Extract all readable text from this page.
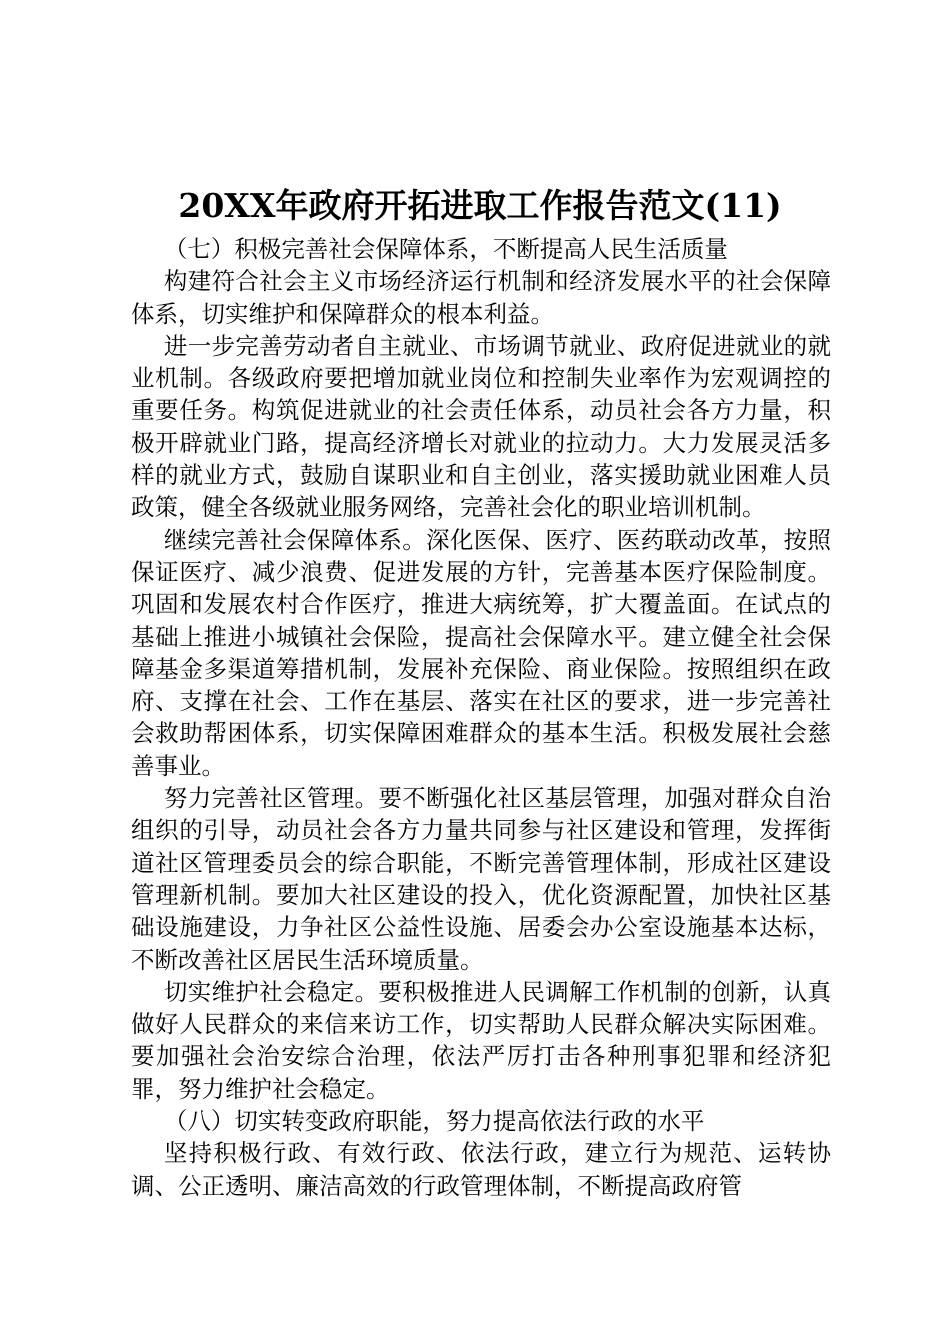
20XX年政府开拓进取工作报告范文(11)

（七）积极完善社会保障体系，不断提高人民生活质量

构建符合社会主义市场经济运行机制和经济发展水平的社会保障体系，切实维护和保障群众的根本利益。

进一步完善劳动者自主就业、市场调节就业、政府促进就业的就业机制。各级政府要把增加就业岗位和控制失业率作为宏观调控的重要任务。构筑促进就业的社会责任体系，动员社会各方力量，积极开辟就业门路，提高经济增长对就业的拉动力。大力发展灵活多样的就业方式，鼓励自谋职业和自主创业，落实援助就业困难人员政策，健全各级就业服务网络，完善社会化的职业培训机制。

继续完善社会保障体系。深化医保、医疗、医药联动改革，按照保证医疗、减少浪费、促进发展的方针，完善基本医疗保险制度。巩固和发展农村合作医疗，推进大病统筹，扩大覆盖面。在试点的基础上推进小城镇社会保险，提高社会保障水平。建立健全社会保障基金多渠道筹措机制，发展补充保险、商业保险。按照组织在政府、支撑在社会、工作在基层、落实在社区的要求，进一步完善社会救助帮困体系，切实保障困难群众的基本生活。积极发展社会慈善事业。

努力完善社区管理。要不断强化社区基层管理，加强对群众自治组织的引导，动员社会各方力量共同参与社区建设和管理，发挥街道社区管理委员会的综合职能，不断完善管理体制，形成社区建设管理新机制。要加大社区建设的投入，优化资源配置，加快社区基础设施建设，力争社区公益性设施、居委会办公室设施基本达标，不断改善社区居民生活环境质量。

切实维护社会稳定。要积极推进人民调解工作机制的创新，认真做好人民群众的来信来访工作，切实帮助人民群众解决实际困难。要加强社会治安综合治理，依法严厉打击各种刑事犯罪和经济犯罪，努力维护社会稳定。

（八）切实转变政府职能，努力提高依法行政的水平

坚持积极行政、有效行政、依法行政，建立行为规范、运转协调、公正透明、廉洁高效的行政管理体制，不断提高政府管
